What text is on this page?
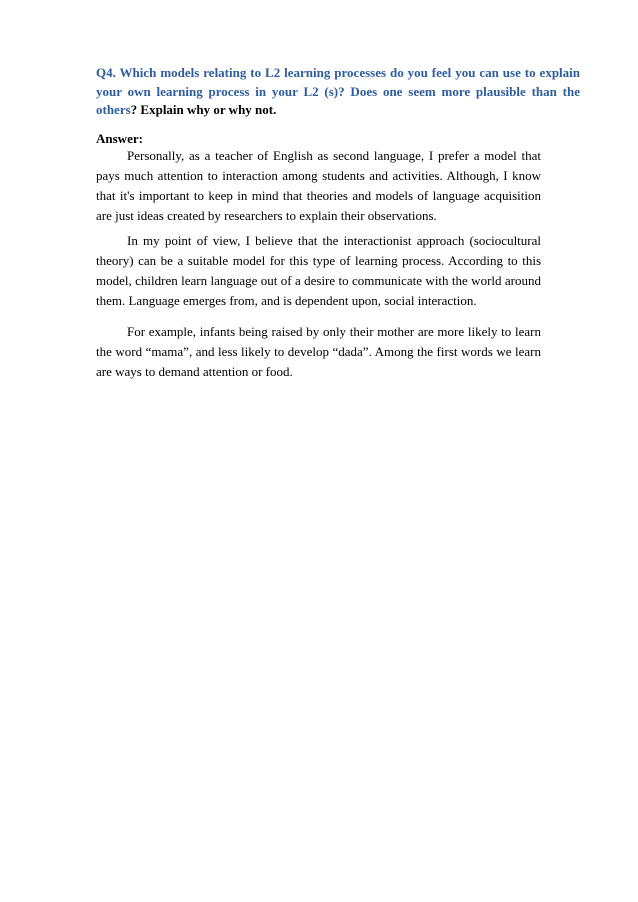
Q4. Which models relating to L2 learning processes do you feel you can use to explain your own learning process in your L2 (s)? Does one seem more plausible than the others? Explain why or why not.

Answer:

Personally, as a teacher of English as second language, I prefer a model that pays much attention to interaction among students and activities. Although, I know that it's important to keep in mind that theories and models of language acquisition are just ideas created by researchers to explain their observations.

In my point of view, I believe that the interactionist approach (sociocultural theory) can be a suitable model for this type of learning process. According to this model, children learn language out of a desire to communicate with the world around them. Language emerges from, and is dependent upon, social interaction.

For example, infants being raised by only their mother are more likely to learn the word “mama”, and less likely to develop “dada”. Among the first words we learn are ways to demand attention or food.
